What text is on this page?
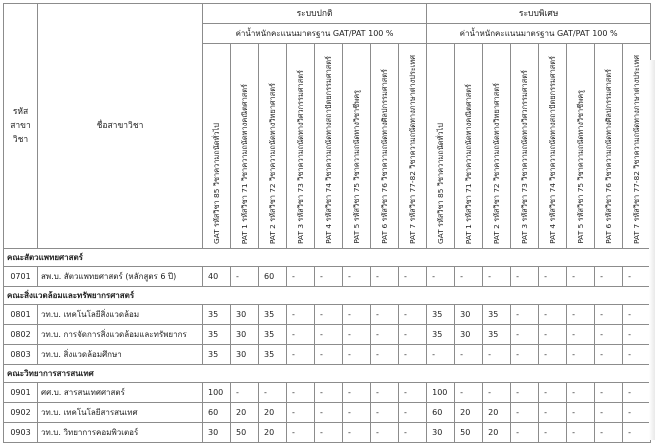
รหัส
สาขา
วิชา	ชื่อสาขาวิชา	ระบบปกติ								ระบบพิเศษ							
		ค่าน้ำหนักคะแนนมาตรฐาน GAT/PAT 100 %								ค่าน้ำหนักคะแนนมาตรฐาน GAT/PAT 100 %							

		GAT รหัสวิชา 85 วิชาความถนัดทั่วไป	PAT 1 รหัสวิชา 71 วิชาความถนัดทางคณิตศาสตร์	PAT 2 รหัสวิชา 72 วิชาความถนัดทางวิทยาศาสตร์	PAT 3 รหัสวิชา 73 วิชาความถนัดทางวิศวกรรมศาสตร์	PAT 4 รหัสวิชา 74 วิชาความถนัดทางสถาปัตยกรรมศาสตร์	PAT 5 รหัสวิชา 75 วิชาความถนัดทางวิชาชีพครู	PAT 6 รหัสวิชา 76 วิชาความถนัดทางศิลปกรรมศาสตร์	PAT 7 รหัสวิชา 77-82 วิชาความถนัดทางภาษาต่างประเทศ	GAT รหัสวิชา 85 วิชาความถนัดทั่วไป	PAT 1 รหัสวิชา 71 วิชาความถนัดทางคณิตศาสตร์	PAT 2 รหัสวิชา 72 วิชาความถนัดทางวิทยาศาสตร์	PAT 3 รหัสวิชา 73 วิชาความถนัดทางวิศวกรรมศาสตร์	PAT 4 รหัสวิชา 74 วิชาความถนัดทางสถาปัตยกรรมศาสตร์	PAT 5 รหัสวิชา 75 วิชาความถนัดทางวิชาชีพครู	PAT 6 รหัสวิชา 76 วิชาความถนัดทางศิลปกรรมศาสตร์	PAT 7 รหัสวิชา 77-82 วิชาความถนัดทางภาษาต่างประเทศ

คณะสัตวแพทยศาสตร์																	
0701	สพ.บ. สัตวแพทยศาสตร์ (หลักสูตร 6 ปี)	40	-	60	-	-	-	-	-	-	-	-	-	-	-	-	-
คณะสิ่งแวดล้อมและทรัพยากรศาสตร์																	
0801	วท.บ. เทคโนโลยีสิ่งแวดล้อม	35	30	35	-	-	-	-	-	35	30	35	-	-	-	-	-
0802	วท.บ. การจัดการสิ่งแวดล้อมและทรัพยากร	35	30	35	-	-	-	-	-	35	30	35	-	-	-	-	-
0803	วท.บ. สิ่งแวดล้อมศึกษา	35	30	35	-	-	-	-	-	-	-	-	-	-	-	-	-
คณะวิทยาการสารสนเทศ																	
0901	ศศ.บ. สารสนเทศศาสตร์	100	-	-	-	-	-	-	-	100	-	-	-	-	-	-	-
0902	วท.บ. เทคโนโลยีสารสนเทศ	60	20	20	-	-	-	-	-	60	20	20	-	-	-	-	-
0903	วท.บ. วิทยาการคอมพิวเตอร์	30	50	20	-	-	-	-	-	30	50	20	-	-	-	-	-
